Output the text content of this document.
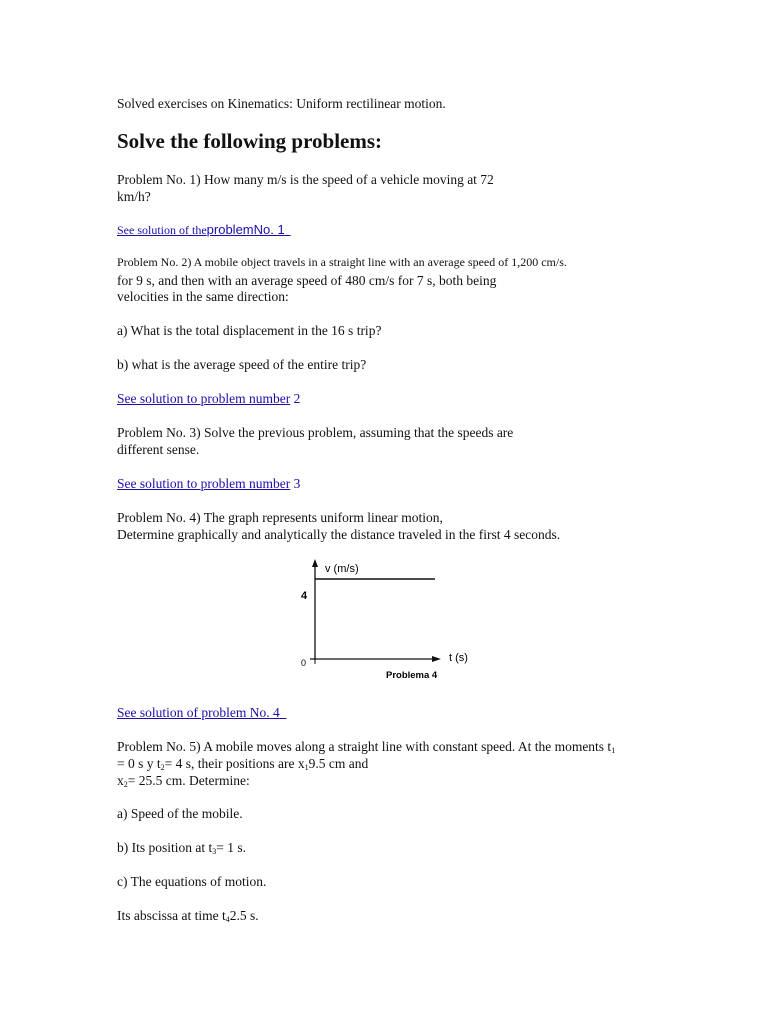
Solved exercises on Kinematics: Uniform rectilinear motion.
Solve the following problems:
Problem No. 1) How many m/s is the speed of a vehicle moving at 72
km/h?
See solution of theproblemNo. 1
Problem No. 2) A mobile object travels in a straight line with an average speed of 1,200 cm/s.
for 9 s, and then with an average speed of 480 cm/s for 7 s, both being
velocities in the same direction:
a) What is the total displacement in the 16 s trip?
b) what is the average speed of the entire trip?
See solution to problem number 2
Problem No. 3) Solve the previous problem, assuming that the speeds are
different sense.
See solution to problem number 3
Problem No. 4) The graph represents uniform linear motion,
Determine graphically and analytically the distance traveled in the first 4 seconds.
v (m/s)
4
0	t (s)
Problema 4
See solution of problem No. 4
Problem No. 5) A mobile moves along a straight line with constant speed. At the moments $t_1$
= 0 s y $t_2= 4$ s, their positions are $x_19.5$ cm and
$x_2= 25.5$ cm. Determine:
a) Speed of the mobile.
b) Its position at $t_3= 1$ s.
c) The equations of motion.
Its abscissa at time $t_42.5$ s.
